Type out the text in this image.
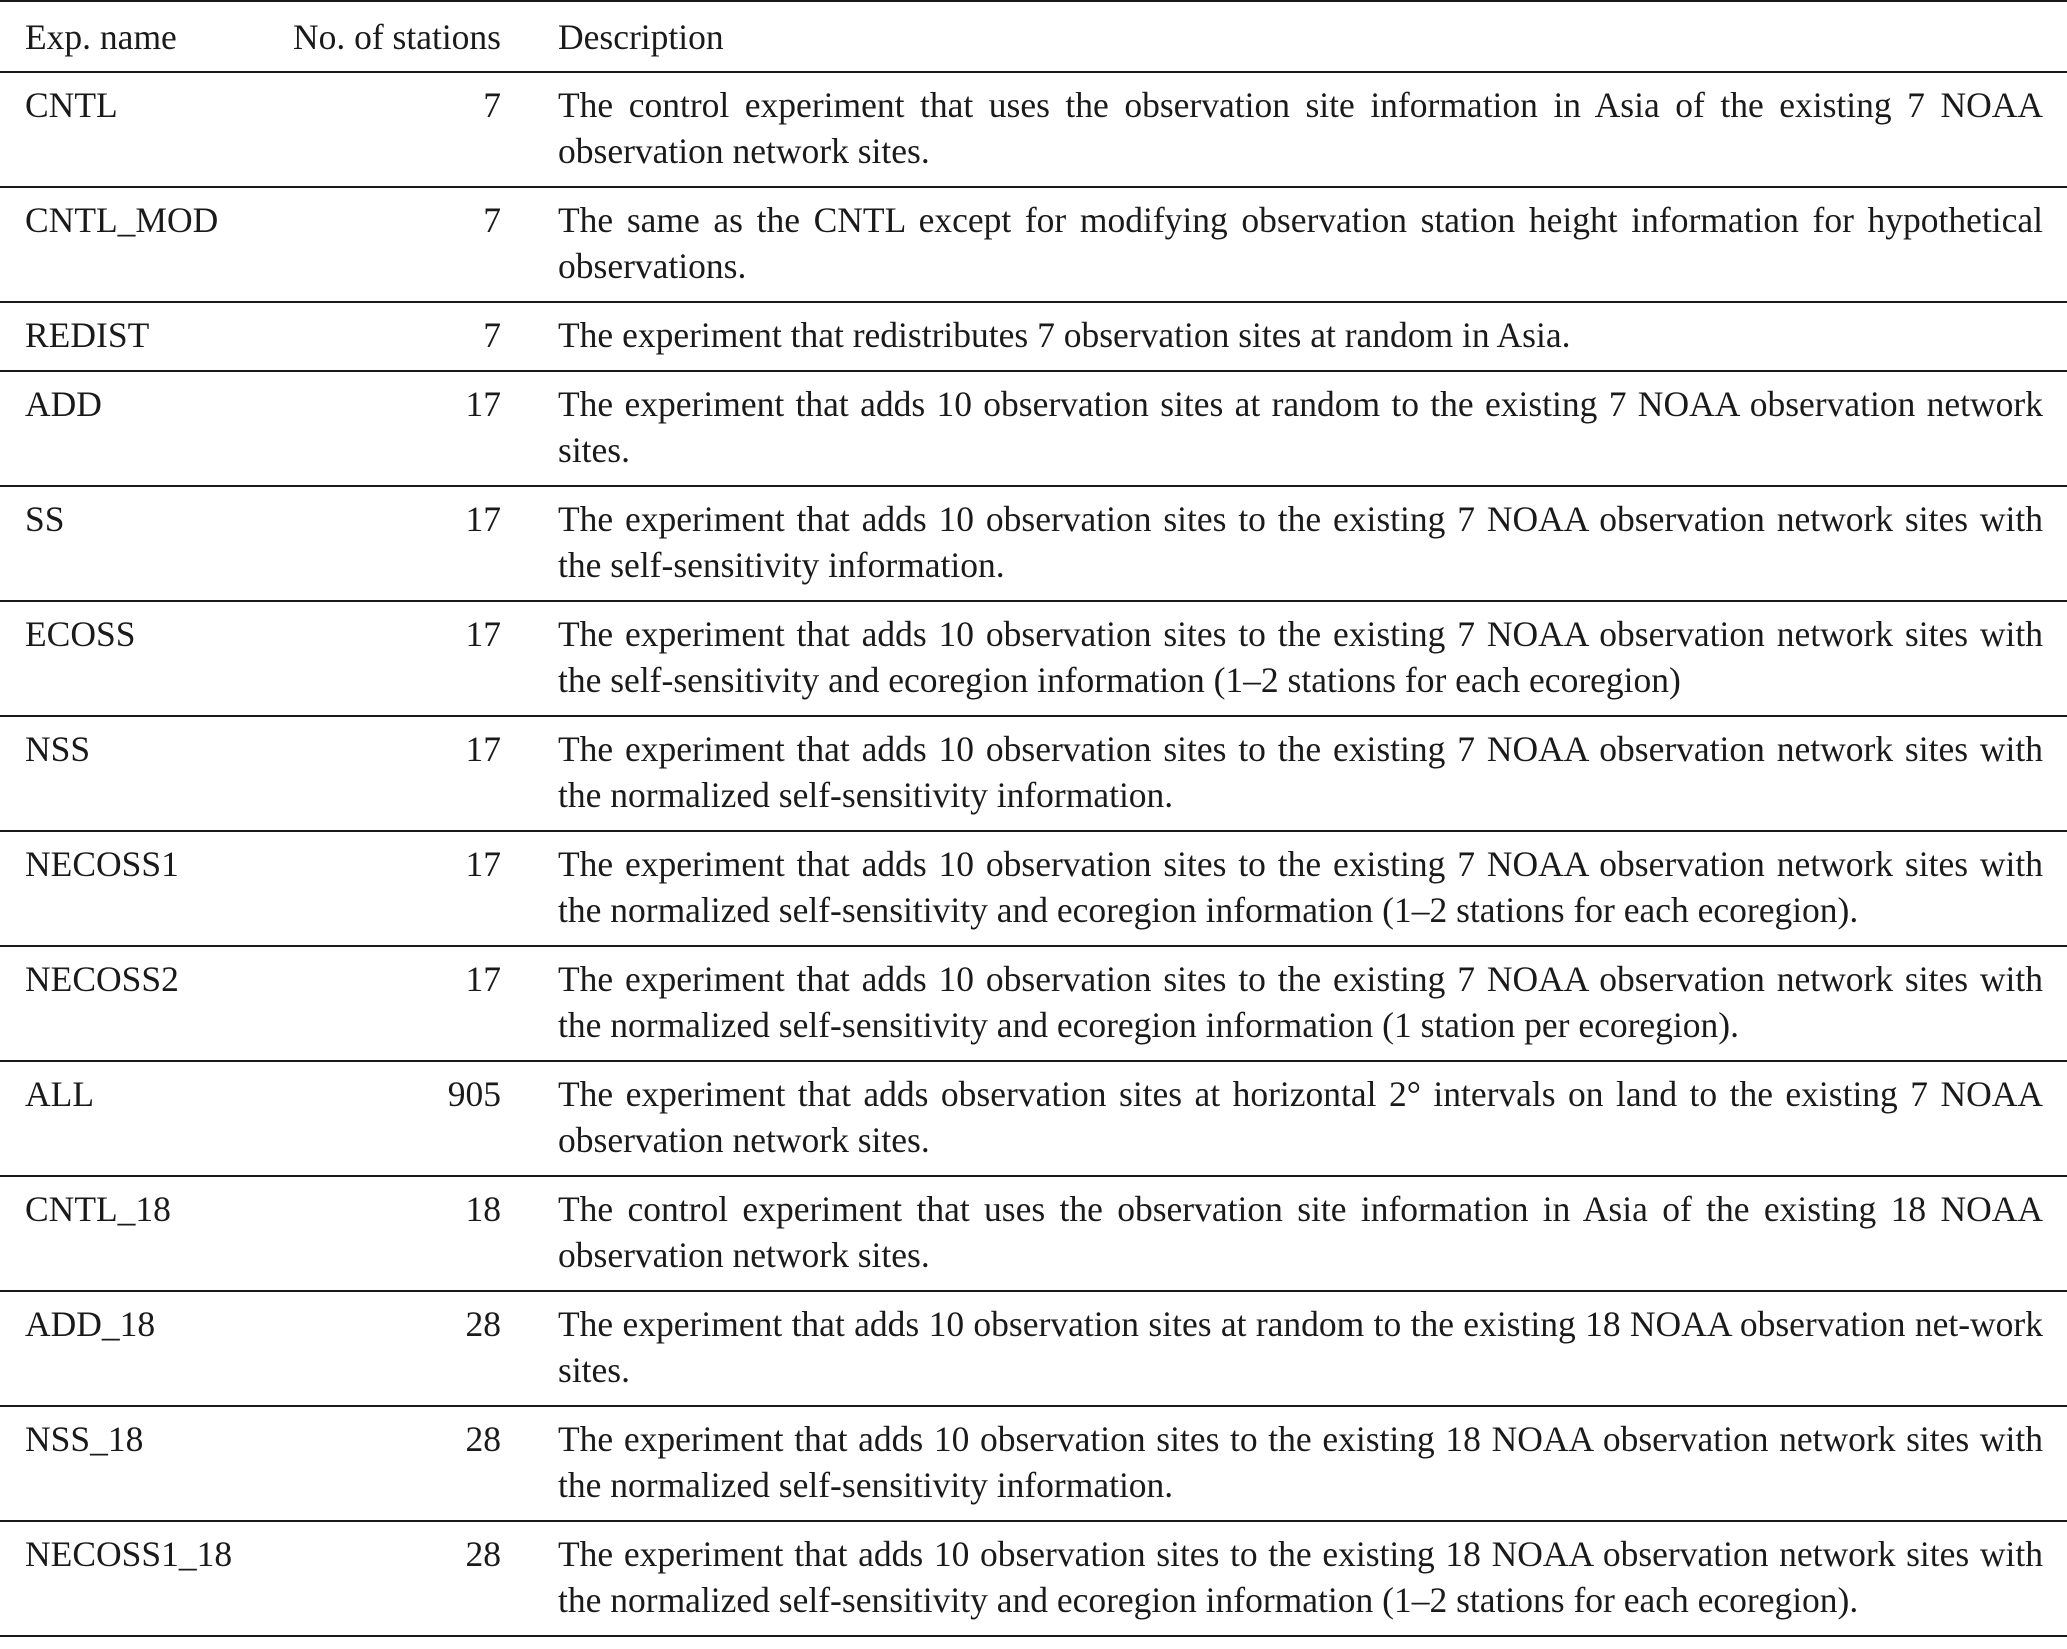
Exp. name	No. of stations	Description
CNTL	7	The control experiment that uses the observation site information in Asia of the existing 7 NOAA observation network sites.
CNTL_MOD	7	The same as the CNTL except for modifying observation station height information for hypothetical observations.
REDIST	7	The experiment that redistributes 7 observation sites at random in Asia.
ADD	17	The experiment that adds 10 observation sites at random to the existing 7 NOAA observation network sites.
SS	17	The experiment that adds 10 observation sites to the existing 7 NOAA observation network sites with the self-sensitivity information.
ECOSS	17	The experiment that adds 10 observation sites to the existing 7 NOAA observation network sites with the self-sensitivity and ecoregion information (1–2 stations for each ecoregion)
NSS	17	The experiment that adds 10 observation sites to the existing 7 NOAA observation network sites with the normalized self-sensitivity information.
NECOSS1	17	The experiment that adds 10 observation sites to the existing 7 NOAA observation network sites with the normalized self-sensitivity and ecoregion information (1–2 stations for each ecoregion).
NECOSS2	17	The experiment that adds 10 observation sites to the existing 7 NOAA observation network sites with the normalized self-sensitivity and ecoregion information (1 station per ecoregion).
ALL	905	The experiment that adds observation sites at horizontal 2° intervals on land to the existing 7 NOAA observation network sites.
CNTL_18	18	The control experiment that uses the observation site information in Asia of the existing 18 NOAA observation network sites.
ADD_18	28	The experiment that adds 10 observation sites at random to the existing 18 NOAA observation net-work sites.
NSS_18	28	The experiment that adds 10 observation sites to the existing 18 NOAA observation network sites with the normalized self-sensitivity information.
NECOSS1_18	28	The experiment that adds 10 observation sites to the existing 18 NOAA observation network sites with the normalized self-sensitivity and ecoregion information (1–2 stations for each ecoregion).
